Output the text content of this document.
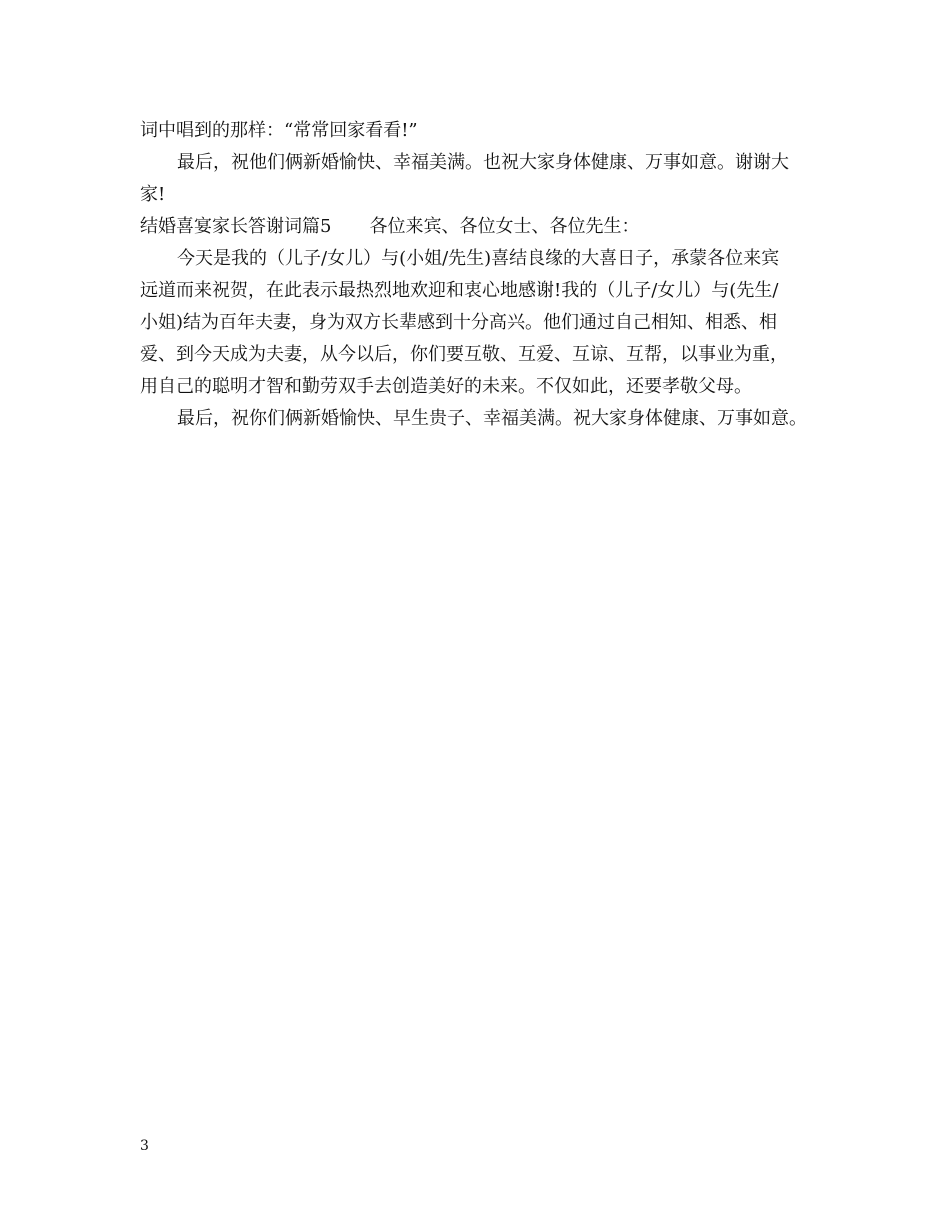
词中唱到的那样：“常常回家看看!”
最后，祝他们俩新婚愉快、幸福美满。也祝大家身体健康、万事如意。谢谢大
家!
结婚喜宴家长答谢词篇5 各位来宾、各位女士、各位先生：
今天是我的（儿子/女儿）与(小姐/先生)喜结良缘的大喜日子，承蒙各位来宾
远道而来祝贺，在此表示最热烈地欢迎和衷心地感谢!我的（儿子/女儿）与(先生/
小姐)结为百年夫妻，身为双方长辈感到十分高兴。他们通过自己相知、相悉、相
爱、到今天成为夫妻，从今以后，你们要互敬、互爱、互谅、互帮，以事业为重，
用自己的聪明才智和勤劳双手去创造美好的未来。不仅如此，还要孝敬父母。
最后，祝你们俩新婚愉快、早生贵子、幸福美满。祝大家身体健康、万事如意。
3
